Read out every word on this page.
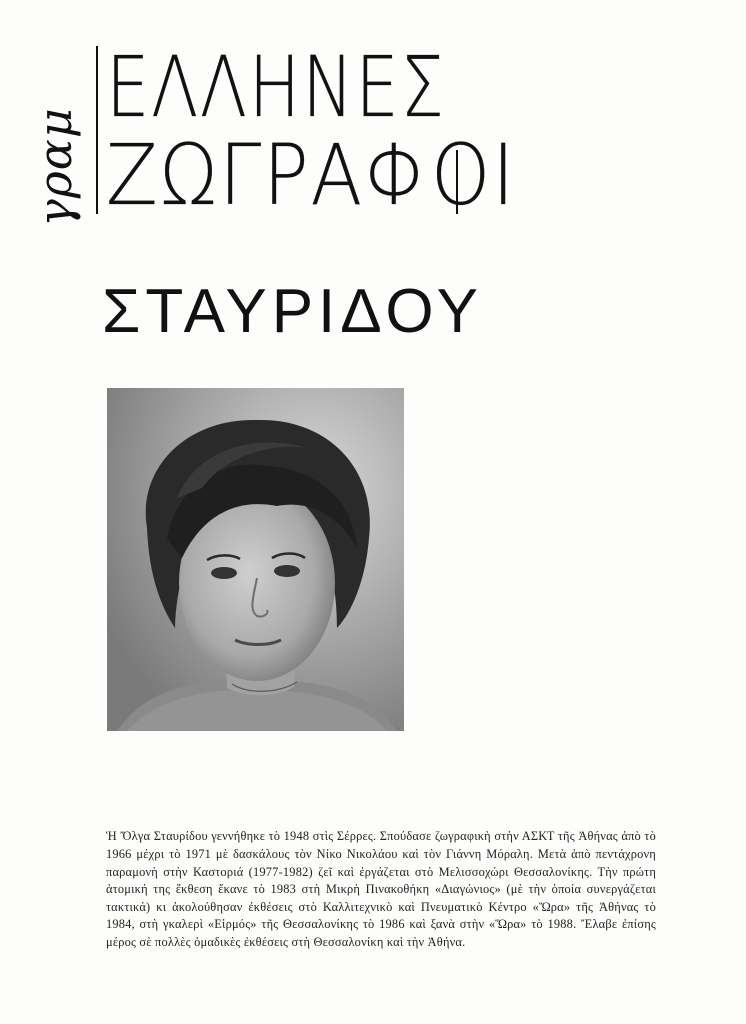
γραμ
ΕΛΛΗΝΕΣ
ΖΩΓΡΑΦΟΙ
ΣΤΑΥΡΙΔΟΥ

Ἡ Ὄλγα Σταυρίδου γεννήθηκε τὸ 1948 στὶς Σέρρες. Σπούδασε ζωγραφικὴ στὴν ΑΣΚΤ τῆς Ἀθήνας ἀπὸ τὸ 1966 μέχρι τὸ 1971 μὲ δασκάλους τὸν Νίκο Νικολάου καὶ τὸν Γιάννη Μόραλη. Μετὰ ἀπὸ πεντάχρονη παραμονὴ στὴν Καστοριά (1977-1982) ζεῖ καὶ ἐργάζεται στὸ Μελισσοχώρι Θεσσαλονίκης. Τὴν πρώτη ἀτομική της ἔκθεση ἔκανε τὸ 1983 στὴ Μικρὴ Πινακοθήκη «Διαγώνιος» (μὲ τὴν ὁποία συνεργάζεται τακτικά) κι ἀκολούθησαν ἐκθέσεις στὸ Καλλιτεχνικὸ καὶ Πνευματικὸ Κέντρο «Ὥρα» τῆς Ἀθήνας τὸ 1984, στὴ γκαλερὶ «Εἱρμός» τῆς Θεσσαλονίκης τὸ 1986 καὶ ξανὰ στὴν «Ὥρα» τὸ 1988. Ἔλαβε ἐπίσης μέρος σὲ πολλὲς ὁμαδικὲς ἐκθέσεις στὴ Θεσσαλονίκη καὶ τὴν Ἀθήνα.
